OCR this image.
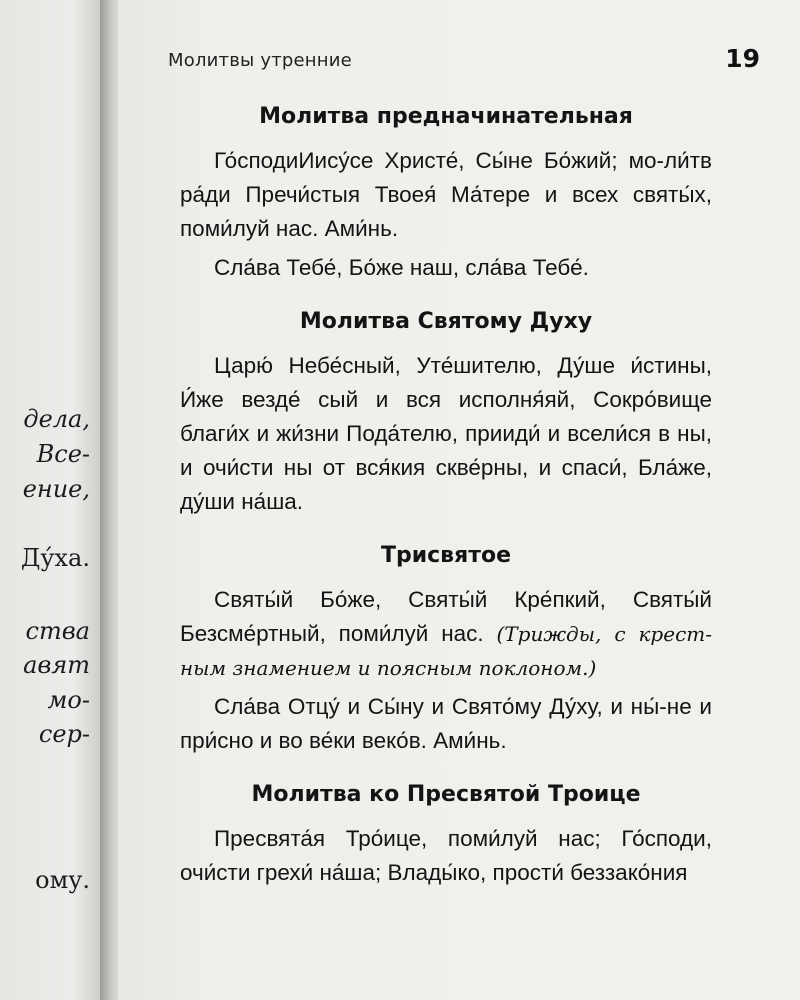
дела,
Все-
ение,
Ду́ха.
ства
авят
мо-
сер-
ому.
Молитвы утренние	19
Молитва предначинательная

Го́сподиИису́се Христе́, Сы́не Бо́жий; мо-ли́тв ра́ди Пречи́стыя Твоея́ Ма́тере и всех святы́х, поми́луй нас. Ами́нь.

Сла́ва Тебе́, Бо́же наш, сла́ва Тебе́.

Молитва Святому Духу

Царю́ Небе́сный, Уте́шителю, Ду́ше и́стины, И́же везде́ сый и вся исполня́яй, Сокро́вище благи́х и жи́зни Пода́телю, прииди́ и всели́ся в ны, и очи́сти ны от вся́кия скве́рны, и спаси́, Бла́же, ду́ши на́ша.

Трисвятое

Святы́й Бо́же, Святы́й Кре́пкий, Святы́й Безсме́ртный, поми́луй нас. (Трижды, с крест-ным знамением и поясным поклоном.)

Сла́ва Отцу́ и Сы́ну и Свято́му Ду́ху, и ны́-не и при́сно и во ве́ки веко́в. Ами́нь.

Молитва ко Пресвятой Троице

Пресвята́я Тро́ице, поми́луй нас; Го́споди, очи́сти грехи́ на́ша; Влады́ко, прости́ беззако́ния
